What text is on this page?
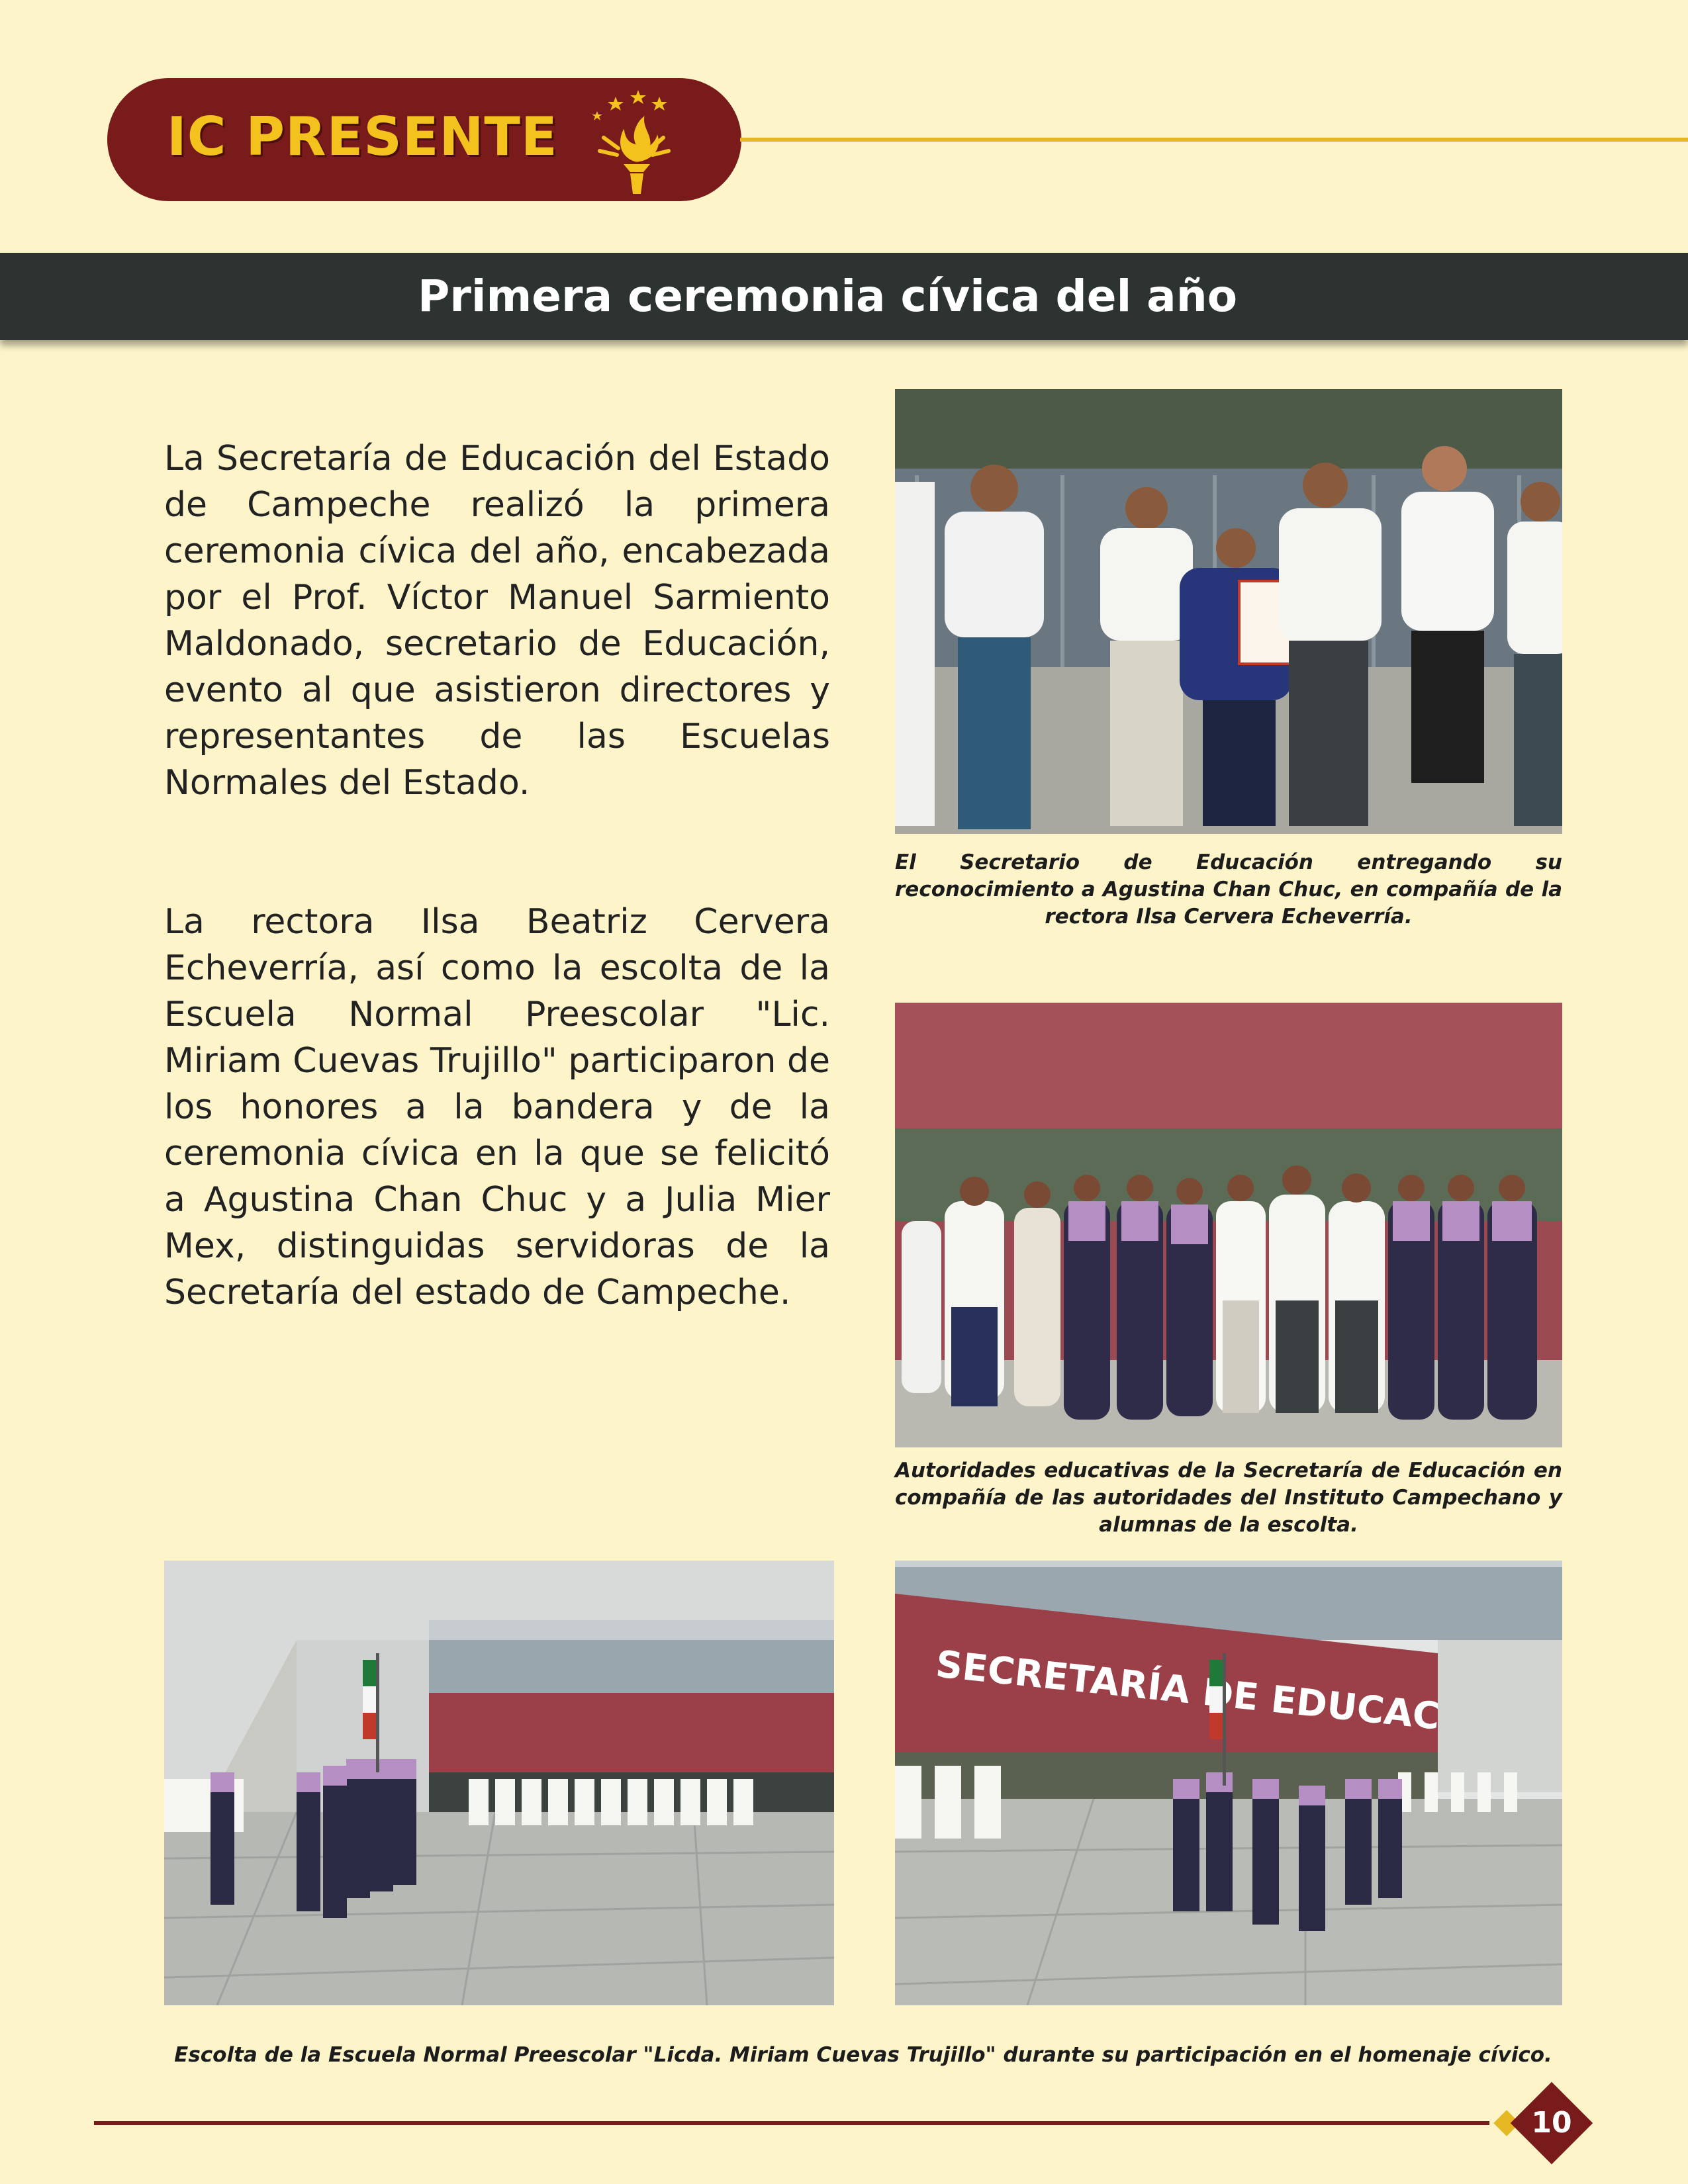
IC PRESENTE
Primera ceremonia cívica del año

La Secretaría de Educación del Estado de Campeche realizó la primera ceremonia cívica del año, encabezada por el Prof. Víctor Manuel Sarmiento Maldonado, secretario de Educación, evento al que asistieron directores y representantes de las Escuelas Normales del Estado.

La rectora Ilsa Beatriz Cervera Echeverría, así como la escolta de la Escuela Normal Preescolar "Lic. Miriam Cuevas Trujillo" participaron de los honores a la bandera y de la ceremonia cívica en la que se felicitó a Agustina Chan Chuc y a Julia Mier Mex, distinguidas servidoras de la Secretaría del estado de Campeche.

El Secretario de Educación entregando su reconocimiento a Agustina Chan Chuc, en compañía de la rectora Ilsa Cervera Echeverría.

Autoridades educativas de la Secretaría de Educación en compañía de las autoridades del Instituto Campechano y alumnas de la escolta.

SECRETARÍA DE EDUCACIÓN

Escolta de la Escuela Normal Preescolar "Licda. Miriam Cuevas Trujillo" durante su participación en el homenaje cívico.

10
